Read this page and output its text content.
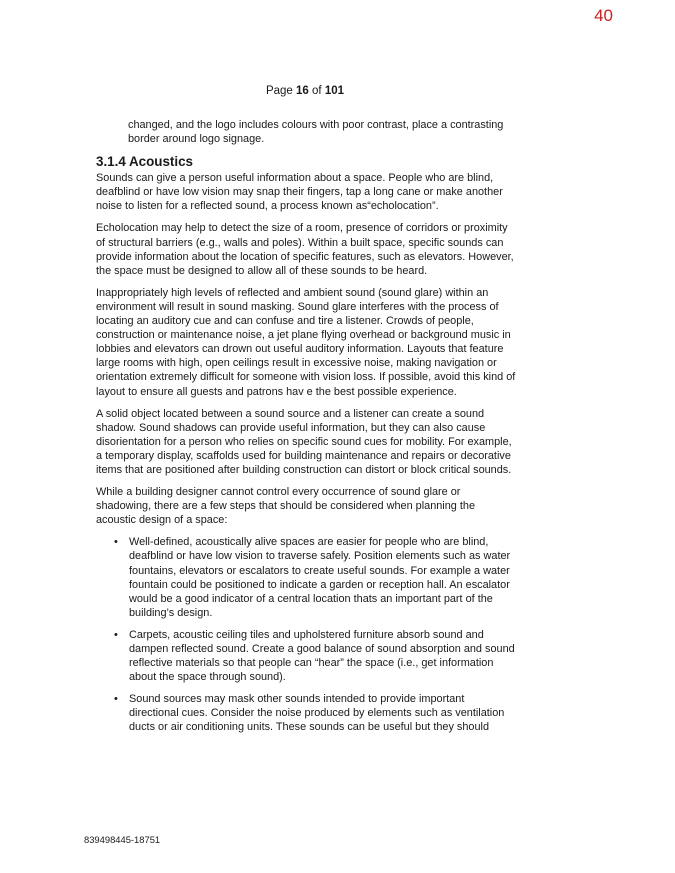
40
Page 16 of 101

changed, and the logo includes colours with poor contrast, place a contrasting border around logo signage.

3.1.4 Acoustics

Sounds can give a person useful information about a space. People who are blind, deafblind or have low vision may snap their fingers, tap a long cane or make another noise to listen for a reflected sound, a process known as“echolocation”.

Echolocation may help to detect the size of a room, presence of corridors or proximity of structural barriers (e.g., walls and poles). Within a built space, specific sounds can provide information about the location of specific features, such as elevators. However, the space must be designed to allow all of these sounds to be heard.

Inappropriately high levels of reflected and ambient sound (sound glare) within an environment will result in sound masking. Sound glare interferes with the process of locating an auditory cue and can confuse and tire a listener. Crowds of people, construction or maintenance noise, a jet plane flying overhead or background music in lobbies and elevators can drown out useful auditory information. Layouts that feature large rooms with high, open ceilings result in excessive noise, making navigation or orientation extremely difficult for someone with vision loss. If possible, avoid this kind of layout to ensure all guests and patrons hav e the best possible experience.

A solid object located between a sound source and a listener can create a sound shadow. Sound shadows can provide useful information, but they can also cause disorientation for a person who relies on specific sound cues for mobility. For example, a temporary display, scaffolds used for building maintenance and repairs or decorative items that are positioned after building construction can distort or block critical sounds.

While a building designer cannot control every occurrence of sound glare or shadowing, there are a few steps that should be considered when planning the acoustic design of a space:

• Well-defined, acoustically alive spaces are easier for people who are blind, deafblind or have low vision to traverse safely. Position elements such as water fountains, elevators or escalators to create useful sounds. For example a water fountain could be positioned to indicate a garden or reception hall. An escalator would be a good indicator of a central location thats an important part of the building’s design.
• Carpets, acoustic ceiling tiles and upholstered furniture absorb sound and dampen reflected sound. Create a good balance of sound absorption and sound reflective materials so that people can “hear” the space (i.e., get information about the space through sound).
• Sound sources may mask other sounds intended to provide important directional cues. Consider the noise produced by elements such as ventilation ducts or air conditioning units. These sounds can be useful but they should
839498445-18751
